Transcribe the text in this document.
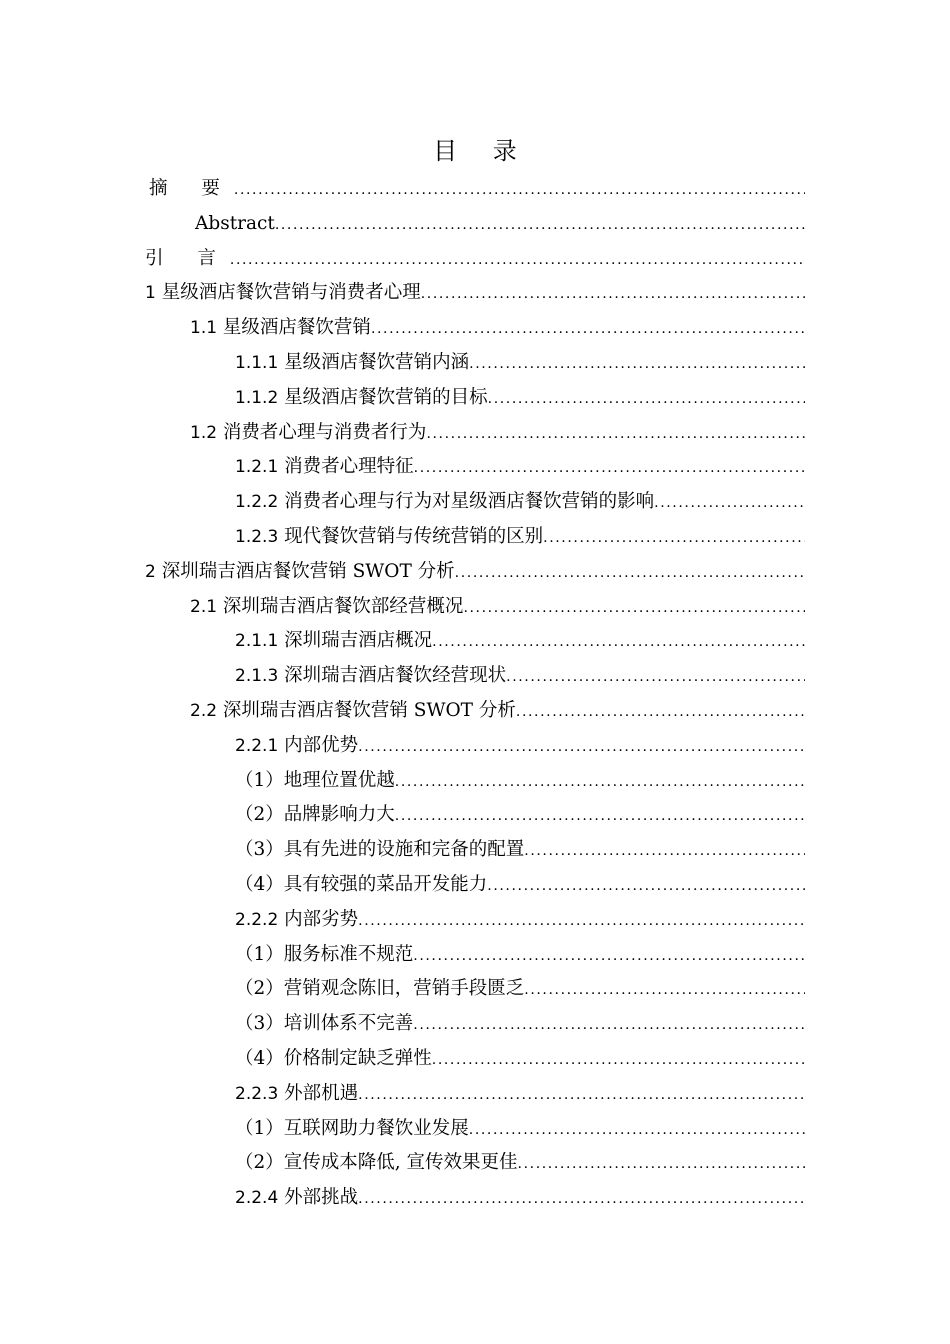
目 录
摘 要
.....
Abstract
.....
引 言
.....
1 星级酒店餐饮营销与消费者心理
.....
1.1 星级酒店餐饮营销
.....
1.1.1 星级酒店餐饮营销内涵
.....
1.1.2 星级酒店餐饮营销的目标
.....
1.2 消费者心理与消费者行为
.....
1.2.1 消费者心理特征
.....
1.2.2 消费者心理与行为对星级酒店餐饮营销的影响
.....
1.2.3 现代餐饮营销与传统营销的区别
.....
2 深圳瑞吉酒店餐饮营销 SWOT 分析
.....
2.1 深圳瑞吉酒店餐饮部经营概况
.....
2.1.1 深圳瑞吉酒店概况
.....
2.1.3 深圳瑞吉酒店餐饮经营现状
.....
2.2 深圳瑞吉酒店餐饮营销 SWOT 分析
.....
2.2.1 内部优势
.....
（1）地理位置优越
.....
（2）品牌影响力大
.....
（3）具有先进的设施和完备的配置
.....
（4）具有较强的菜品开发能力
.....
2.2.2 内部劣势
.....
（1）服务标准不规范
.....
（2）营销观念陈旧，营销手段匮乏
.....
（3）培训体系不完善
.....
（4）价格制定缺乏弹性
.....
2.2.3 外部机遇
.....
（1）互联网助力餐饮业发展
.....
（2）宣传成本降低, 宣传效果更佳
.....
2.2.4 外部挑战
.....
